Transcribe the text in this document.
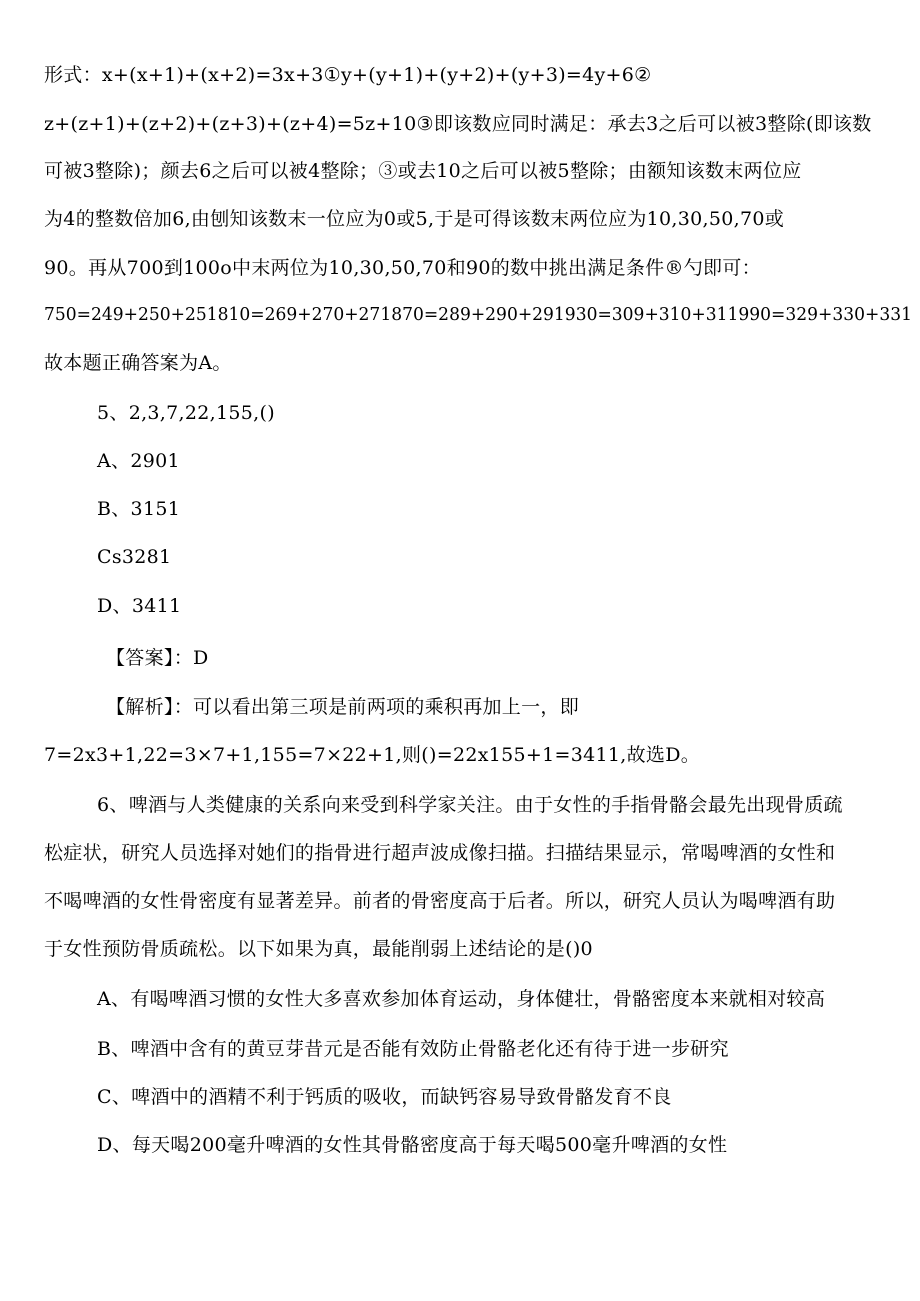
形式：x+(x+1)+(x+2)=3x+3①y+(y+1)+(y+2)+(y+3)=4y+6②
z+(z+1)+(z+2)+(z+3)+(z+4)=5z+10③即该数应同时满足：承去3之后可以被3整除(即该数
可被3整除)；颜去6之后可以被4整除；③或去10之后可以被5整除；由额知该数末两位应
为4的整数倍加6,由刨知该数末一位应为0或5,于是可得该数末两位应为10,30,50,70或
90。再从700到100o中末两位为10,30,50,70和90的数中挑出满足条件®勺即可：
750=249+250+251810=269+270+271870=289+290+291930=309+310+311990=329+330+331
故本题正确答案为A。
5、2,3,7,22,155,()
A、2901
B、3151
Cs3281
D、3411
【答案】：D
【解析】：可以看出第三项是前两项的乘积再加上一，即
7=2x3+1,22=3×7+1,155=7×22+1,则()=22x155+1=3411,故选D。
6、啤酒与人类健康的关系向来受到科学家关注。由于女性的手指骨骼会最先出现骨质疏
松症状，研究人员选择对她们的指骨进行超声波成像扫描。扫描结果显示，常喝啤酒的女性和
不喝啤酒的女性骨密度有显著差异。前者的骨密度高于后者。所以，研究人员认为喝啤酒有助
于女性预防骨质疏松。以下如果为真，最能削弱上述结论的是()0
A、有喝啤酒习惯的女性大多喜欢参加体育运动，身体健壮，骨骼密度本来就相对较高
B、啤酒中含有的黄豆芽昔元是否能有效防止骨骼老化还有待于进一步研究
C、啤酒中的酒精不利于钙质的吸收，而缺钙容易导致骨骼发育不良
D、每天喝200毫升啤酒的女性其骨骼密度高于每天喝500毫升啤酒的女性
